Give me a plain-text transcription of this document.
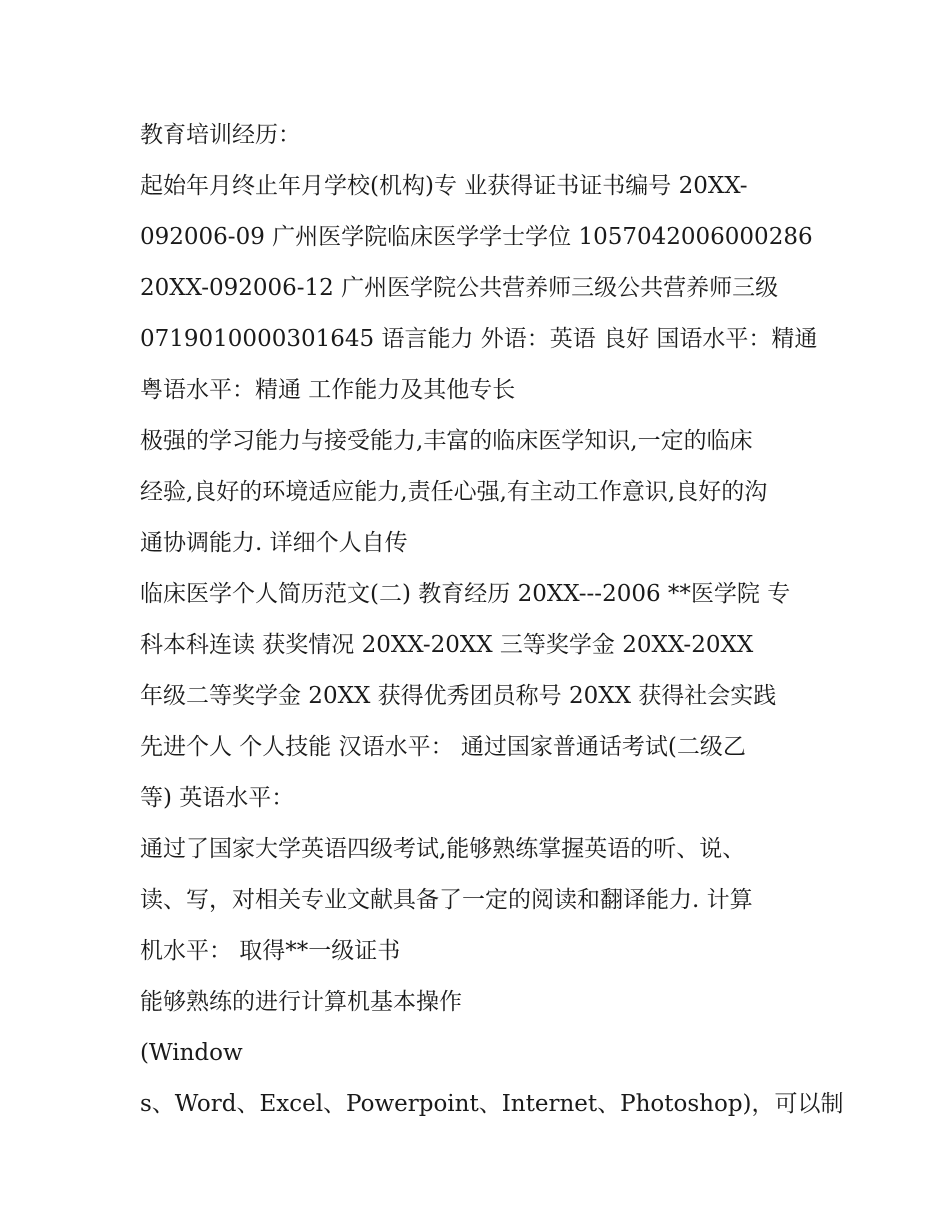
教育培训经历：
起始年月终止年月学校(机构)专 业获得证书证书编号 20XX-
092006-09 广州医学院临床医学学士学位 1057042006000286
20XX-092006-12 广州医学院公共营养师三级公共营养师三级
0719010000301645 语言能力 外语：英语 良好 国语水平：精通
粤语水平：精通 工作能力及其他专长
极强的学习能力与接受能力,丰富的临床医学知识,一定的临床
经验,良好的环境适应能力,责任心强,有主动工作意识,良好的沟
通协调能力. 详细个人自传
临床医学个人简历范文(二) 教育经历 20XX---2006 **医学院 专
科本科连读 获奖情况 20XX-20XX 三等奖学金 20XX-20XX
年级二等奖学金 20XX 获得优秀团员称号 20XX 获得社会实践
先进个人 个人技能 汉语水平： 通过国家普通话考试(二级乙
等) 英语水平：
通过了国家大学英语四级考试,能够熟练掌握英语的听、说、
读、写，对相关专业文献具备了一定的阅读和翻译能力. 计算
机水平： 取得**一级证书
能够熟练的进行计算机基本操作
(Window
s、Word、Excel、Powerpoint、Internet、Photoshop)，可以制
